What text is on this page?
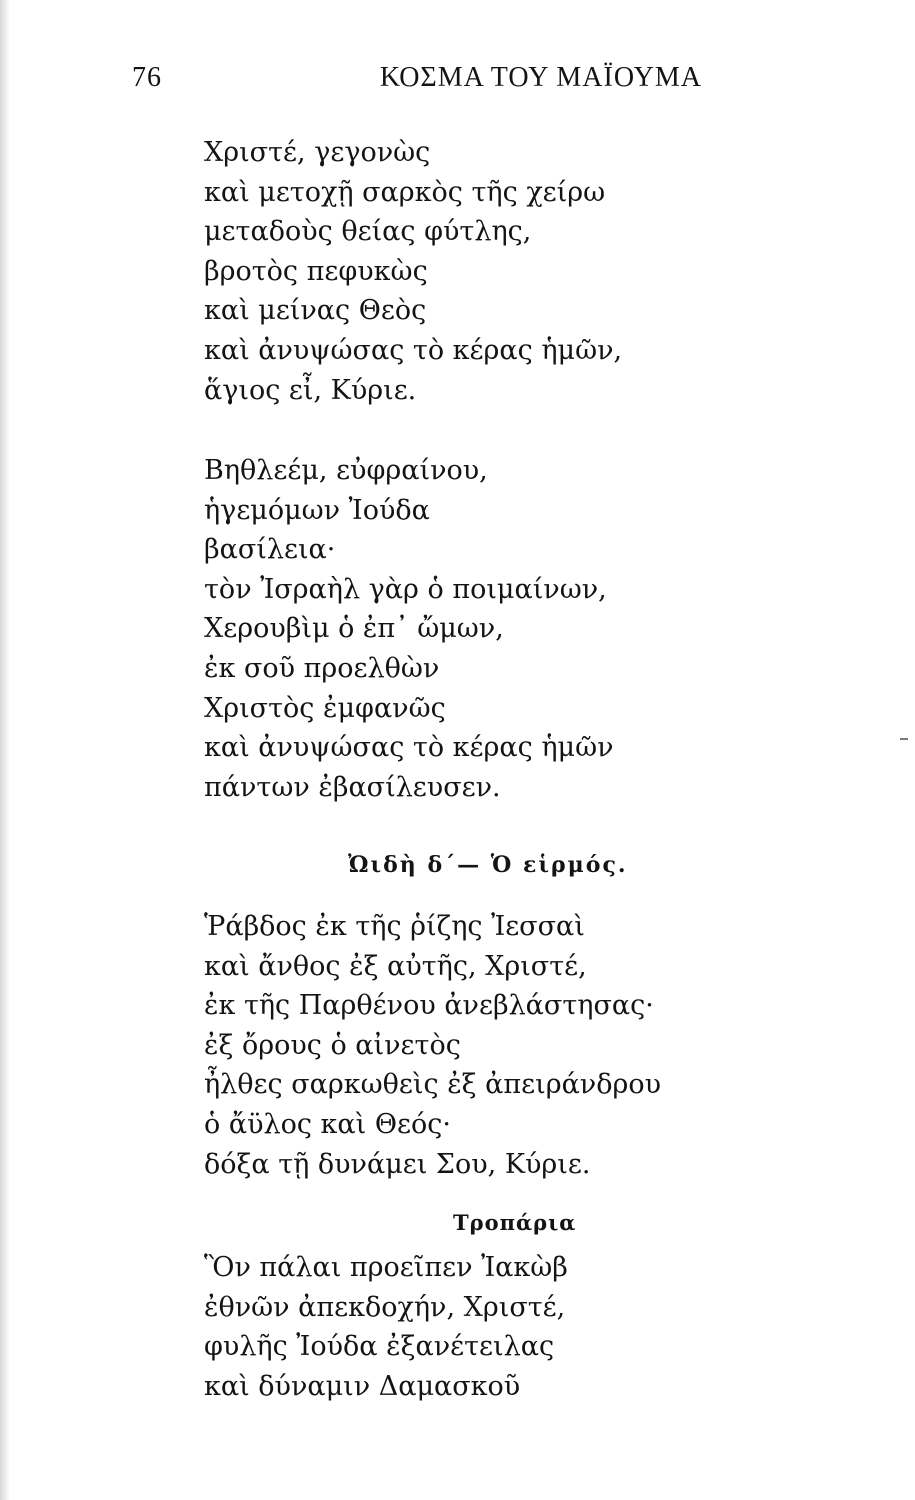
76	ΚΟΣΜΑ ΤΟΥ ΜΑΪΟΥΜΑ
Χριστέ, γεγονὼς
καὶ μετοχῇ σαρκὸς τῆς χείρω
μεταδοὺς θείας φύτλης,
βροτὸς πεφυκὼς
καὶ μείνας Θεὸς
καὶ ἀνυψώσας τὸ κέρας ἡμῶν,
ἅγιος εἶ, Κύριε.
Βηθλεέμ, εὐφραίνου,
ἡγεμόμων Ἰούδα
βασίλεια·
τὸν Ἰσραὴλ γὰρ ὁ ποιμαίνων,
Χερουβὶμ ὁ ἐπ᾽ ὤμων,
ἐκ σοῦ προελθὼν
Χριστὸς ἐμφανῶς
καὶ ἀνυψώσας τὸ κέρας ἡμῶν
πάντων ἐβασίλευσεν.
Ὠιδὴ δ΄— Ὁ εἱρμός.
Ῥάβδος ἐκ τῆς ῥίζης Ἰεσσαὶ
καὶ ἄνθος ἐξ αὐτῆς, Χριστέ,
ἐκ τῆς Παρθένου ἀνεβλάστησας·
ἐξ ὄρους ὁ αἰνετὸς
ἦλθες σαρκωθεὶς ἐξ ἀπειράνδρου
ὁ ἄϋλος καὶ Θεός·
δόξα τῇ δυνάμει Σου, Κύριε.
Τροπάρια
Ὃν πάλαι προεῖπεν Ἰακὼβ
ἐθνῶν ἀπεκδοχήν, Χριστέ,
φυλῆς Ἰούδα ἐξανέτειλας
καὶ δύναμιν Δαμασκοῦ
